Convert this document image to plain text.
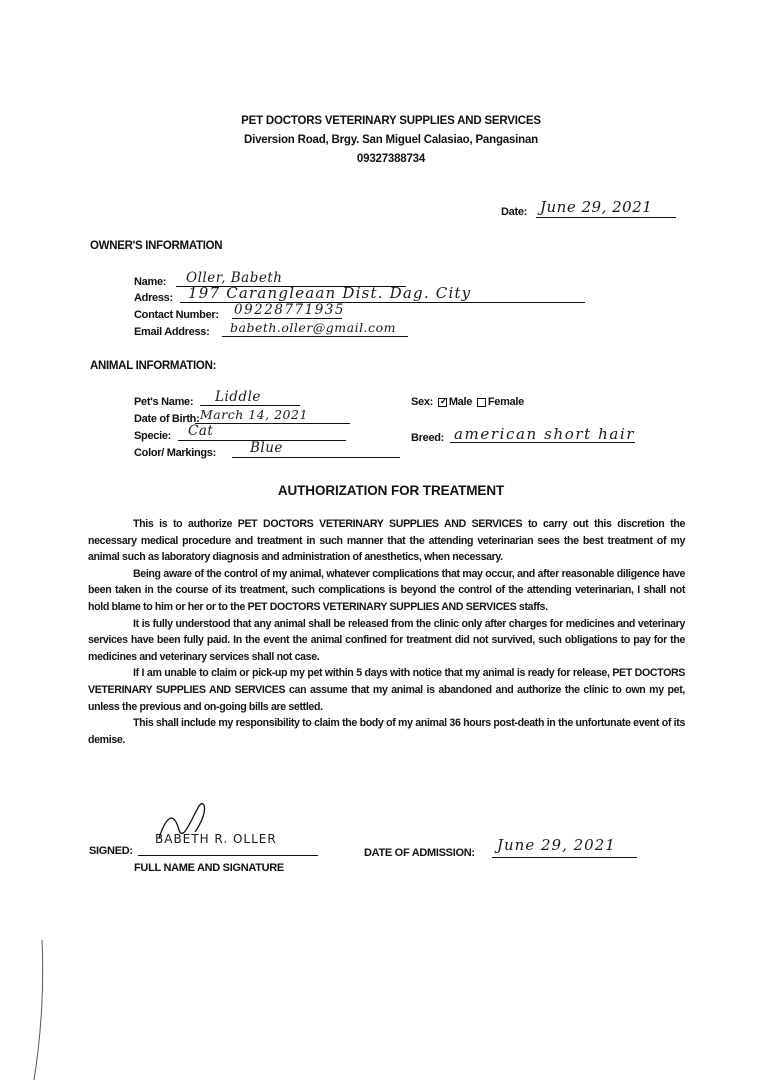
PET DOCTORS VETERINARY SUPPLIES AND SERVICES
Diversion Road, Brgy. San Miguel Calasiao, Pangasinan
09327388734
Date: June 29, 2021
OWNER'S INFORMATION
Name: Oller, Babeth
Adress: 197 Carangleaan Dist. Dag. City
Contact Number: 09228771935
Email Address: babeth.oller@gmail.com
ANIMAL INFORMATION:
Pet's Name: Liddle
Date of Birth: March 14, 2021
Specie: Cat
Color/ Markings:	Blue
Sex: ✓ Male Female
Breed: american short hair
AUTHORIZATION FOR TREATMENT
This is to authorize PET DOCTORS VETERINARY SUPPLIES AND SERVICES to carry out this discretion the necessary medical procedure and treatment in such manner that the attending veterinarian sees the best treatment of my animal such as laboratory diagnosis and administration of anesthetics, when necessary.
Being aware of the control of my animal, whatever complications that may occur, and after reasonable diligence have been taken in the course of its treatment, such complications is beyond the control of the attending veterinarian, I shall not hold blame to him or her or to the PET DOCTORS VETERINARY SUPPLIES AND SERVICES staffs.
It is fully understood that any animal shall be released from the clinic only after charges for medicines and veterinary services have been fully paid. In the event the animal confined for treatment did not survived, such obligations to pay for the medicines and veterinary services shall not case.
If I am unable to claim or pick-up my pet within 5 days with notice that my animal is ready for release, PET DOCTORS VETERINARY SUPPLIES AND SERVICES can assume that my animal is abandoned and authorize the clinic to own my pet, unless the previous and on-going bills are settled.
This shall include my responsibility to claim the body of my animal 36 hours post-death in the unfortunate event of its demise.
SIGNED:
BABETH R. OLLER
FULL NAME AND SIGNATURE
DATE OF ADMISSION: June 29, 2021
